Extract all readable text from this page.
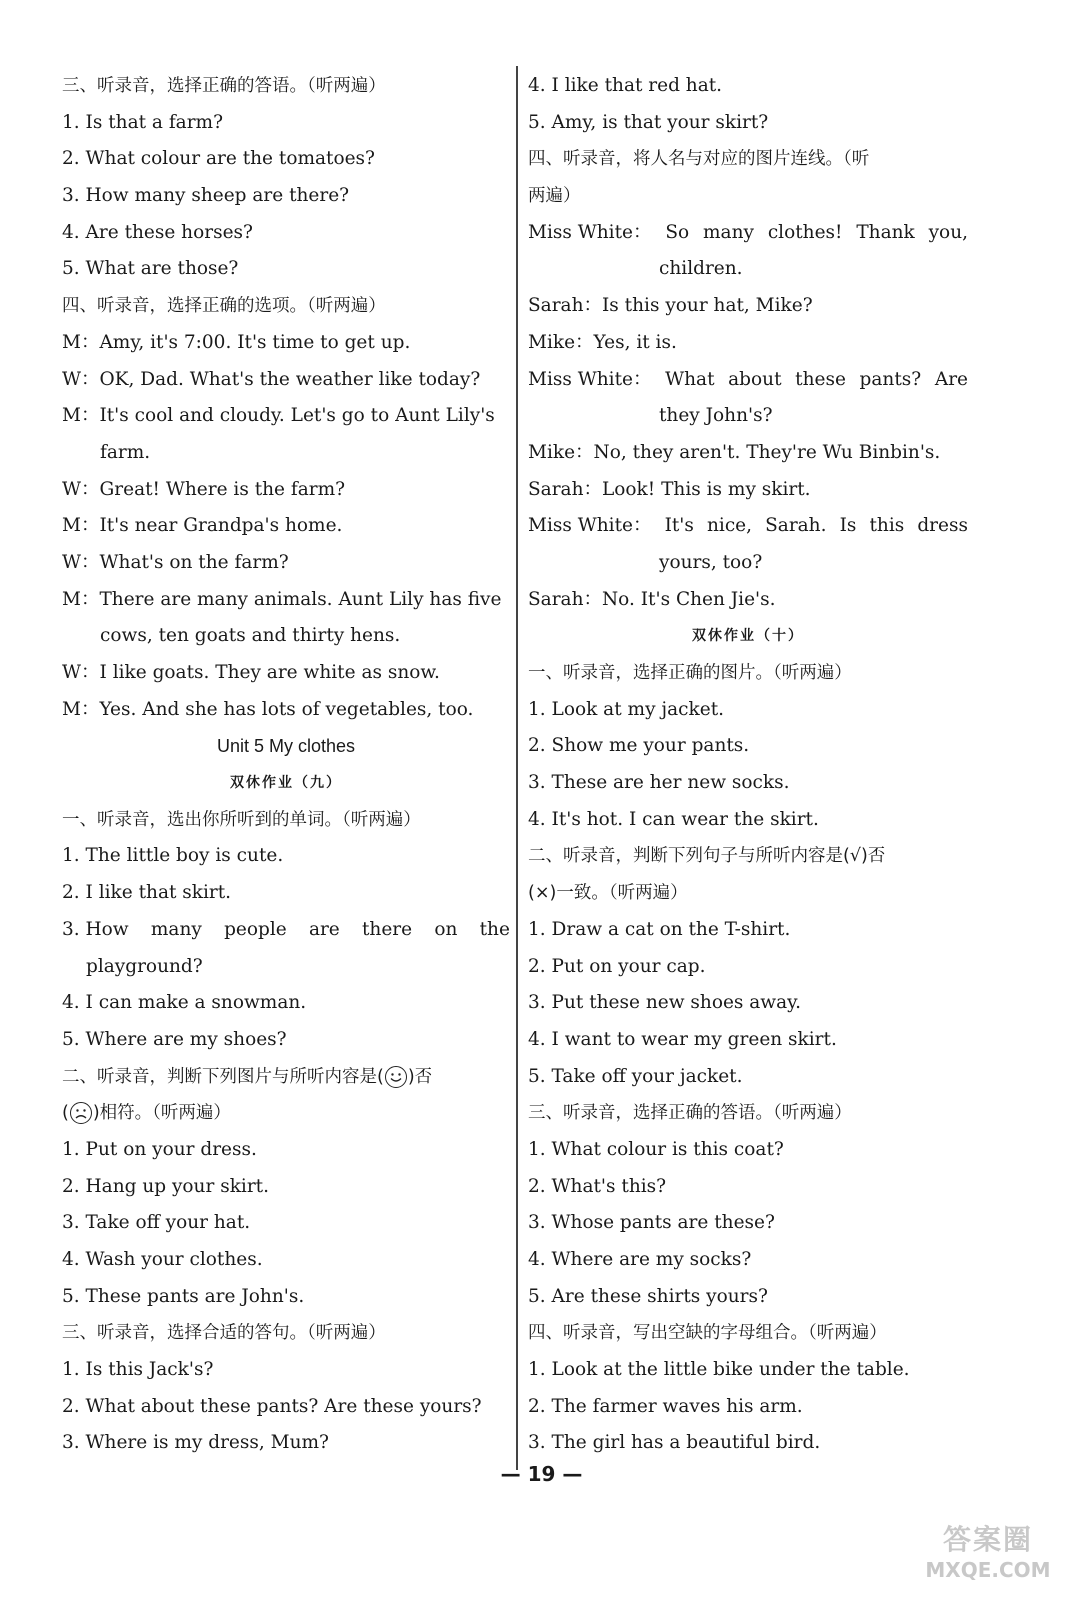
三、听录音，选择正确的答语。（听两遍）
1. Is that a farm?
2. What colour are the tomatoes?
3. How many sheep are there?
4. Are these horses?
5. What are those?
四、听录音，选择正确的选项。（听两遍）
M：Amy, it's 7:00. It's time to get up.
W：OK, Dad. What's the weather like today?
M：It's cool and cloudy. Let's go to Aunt Lily's
farm.
W：Great! Where is the farm?
M：It's near Grandpa's home.
W：What's on the farm?
M：There are many animals. Aunt Lily has five
cows, ten goats and thirty hens.
W：I like goats. They are white as snow.
M：Yes. And she has lots of vegetables, too.
Unit 5 My clothes
双休作业（九）
一、听录音，选出你所听到的单词。（听两遍）
1. The little boy is cute.
2. I like that skirt.
3. How many people are there on the
playground?
4. I can make a snowman.
5. Where are my shoes?
二、听录音，判断下列图片与所听内容是( )否
( )相符。（听两遍）
1. Put on your dress.
2. Hang up your skirt.
3. Take off your hat.
4. Wash your clothes.
5. These pants are John's.
三、听录音，选择合适的答句。（听两遍）
1. Is this Jack's?
2. What about these pants? Are these yours?
3. Where is my dress, Mum?
4. I like that red hat.
5. Amy, is that your skirt?
四、听录音，将人名与对应的图片连线。（听
两遍）
Miss White： So many clothes! Thank you,
children.
Sarah：Is this your hat, Mike?
Mike：Yes, it is.
Miss White： What about these pants? Are
they John's?
Mike：No, they aren't. They're Wu Binbin's.
Sarah：Look! This is my skirt.
Miss White： It's nice, Sarah. Is this dress
yours, too?
Sarah：No. It's Chen Jie's.
双休作业（十）
一、听录音，选择正确的图片。（听两遍）
1. Look at my jacket.
2. Show me your pants.
3. These are her new socks.
4. It's hot. I can wear the skirt.
二、听录音，判断下列句子与所听内容是(√)否
(×)一致。（听两遍）
1. Draw a cat on the T-shirt.
2. Put on your cap.
3. Put these new shoes away.
4. I want to wear my green skirt.
5. Take off your jacket.
三、听录音，选择正确的答语。（听两遍）
1. What colour is this coat?
2. What's this?
3. Whose pants are these?
4. Where are my socks?
5. Are these shirts yours?
四、听录音，写出空缺的字母组合。（听两遍）
1. Look at the little bike under the table.
2. The farmer waves his arm.
3. The girl has a beautiful bird.
— 19 —
答案圈
MXQE.COM
